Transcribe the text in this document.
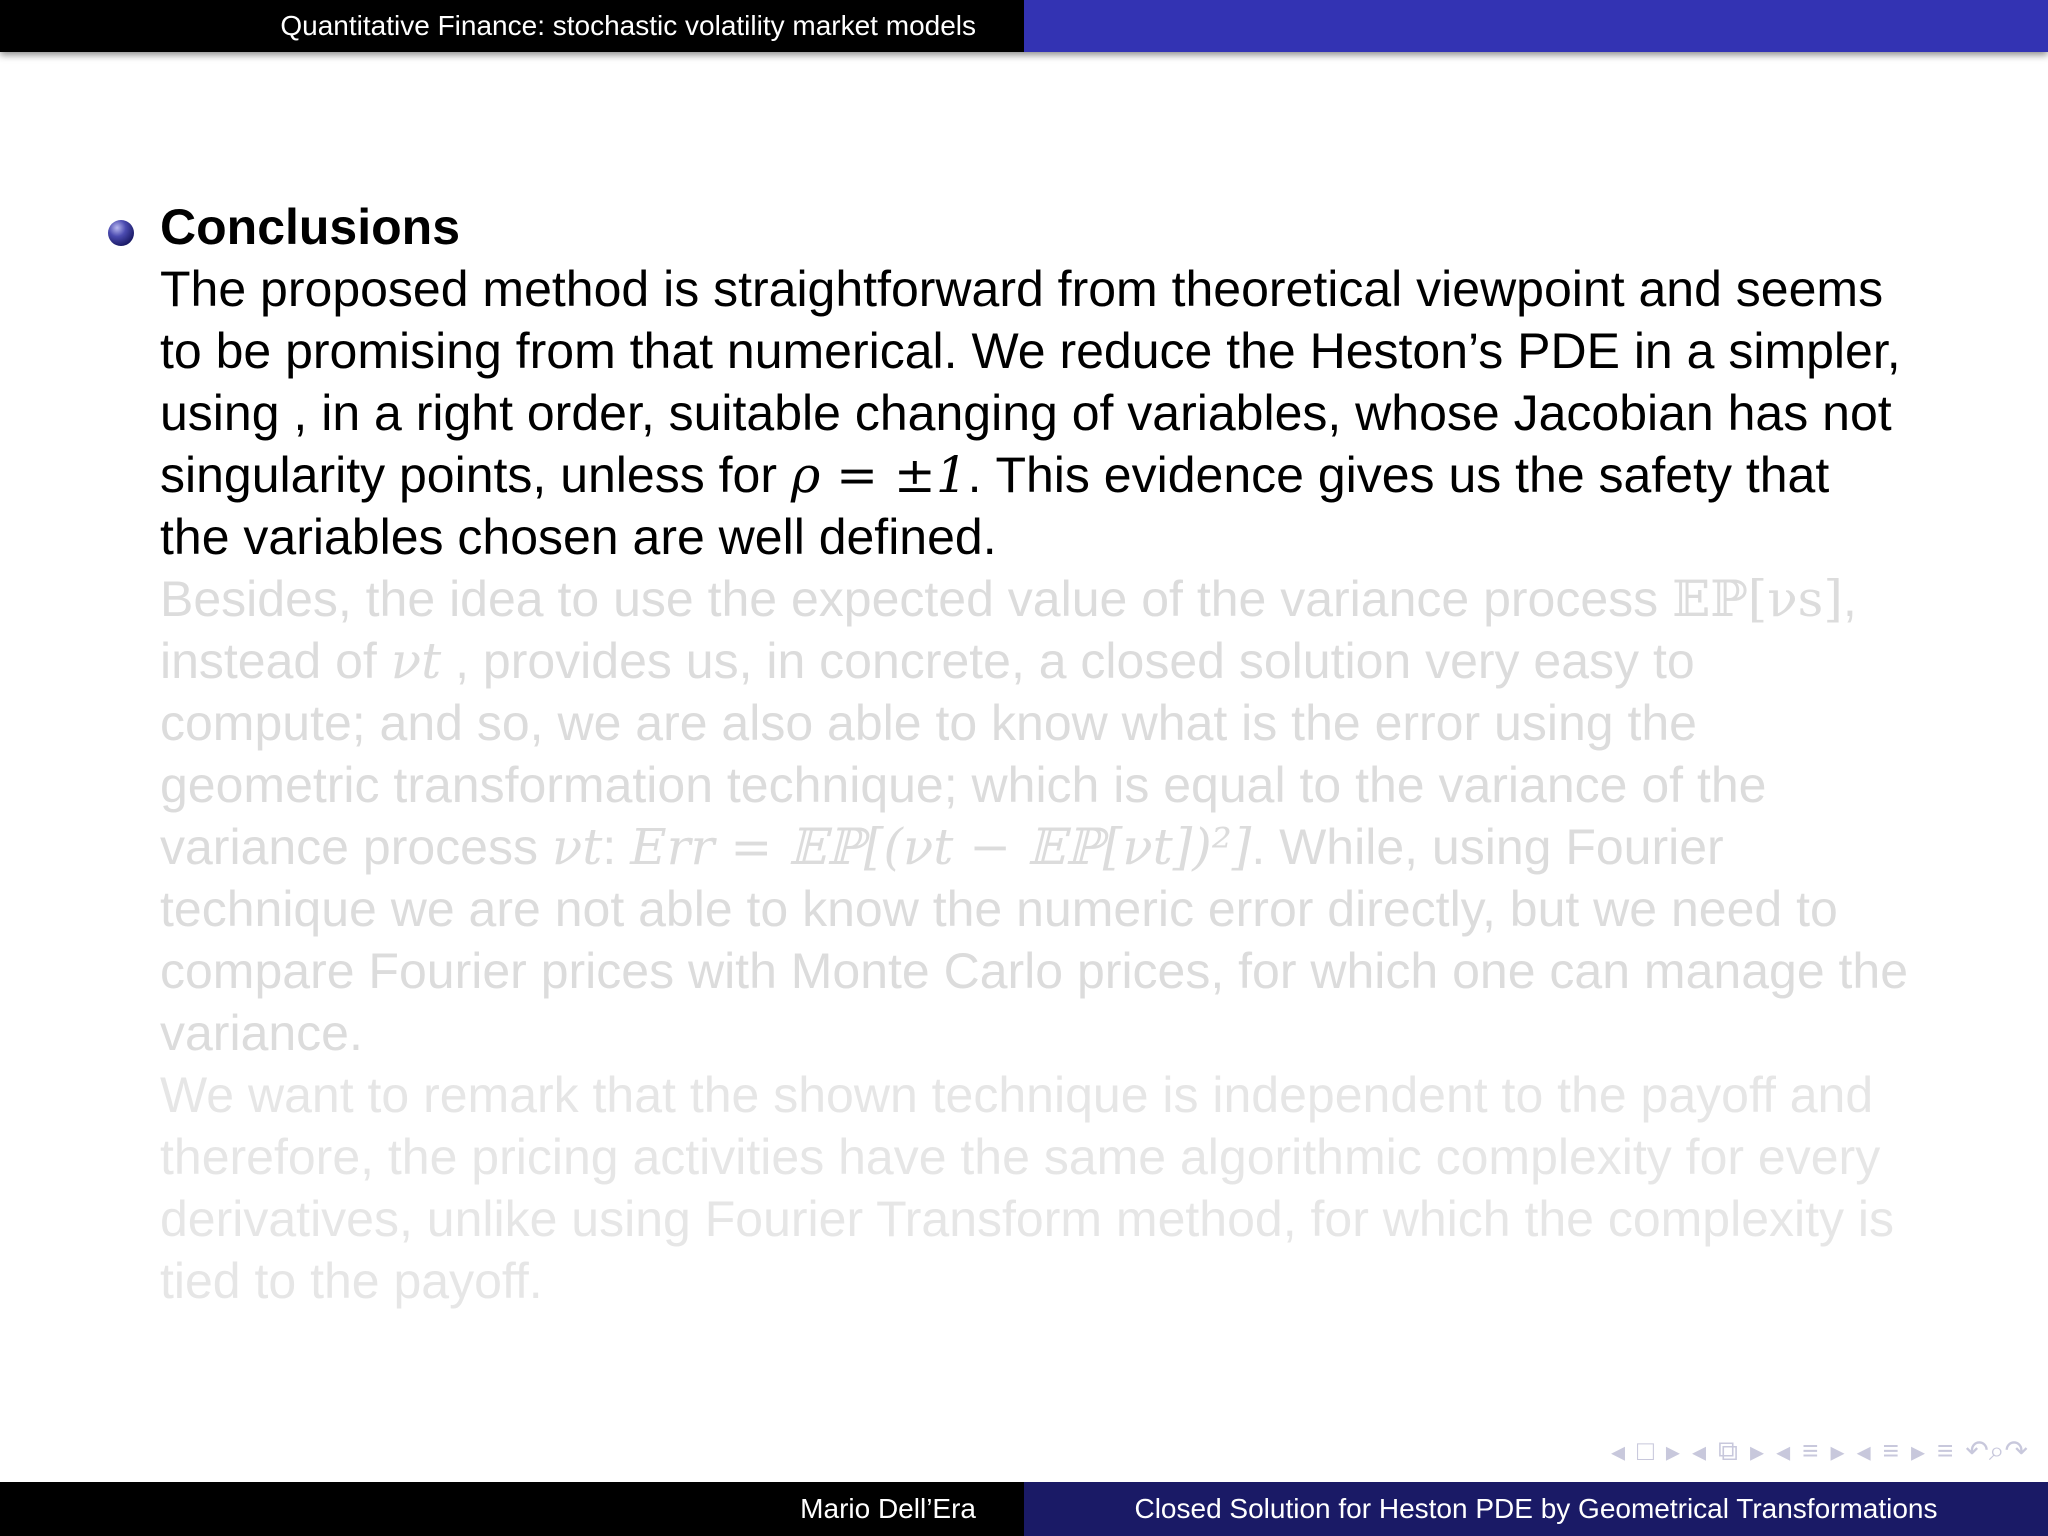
Quantitative Finance: stochastic volatility market models

Conclusions

The proposed method is straightforward from theoretical viewpoint and seems to be promising from that numerical. We reduce the Heston’s PDE in a simpler, using , in a right order, suitable changing of variables, whose Jacobian has not singularity points, unless for ρ = ±1. This evidence gives us the safety that the variables chosen are well defined.

Besides, the idea to use the expected value of the variance process 𝔼ℙ[νs], instead of νt , provides us, in concrete, a closed solution very easy to compute; and so, we are also able to know what is the error using the geometric transformation technique; which is equal to the variance of the variance process νt: Err = 𝔼ℙ[(νt − 𝔼ℙ[νt])²]. While, using Fourier technique we are not able to know the numeric error directly, but we need to compare Fourier prices with Monte Carlo prices, for which one can manage the variance.

We want to remark that the shown technique is independent to the payoff and therefore, the pricing activities have the same algorithmic complexity for every derivatives, unlike using Fourier Transform method, for which the complexity is tied to the payoff.

◂ □ ▸ ◂ ⧉ ▸ ◂ ≡ ▸ ◂ ≡ ▸ ≡ ↶⌕↷
Mario Dell’Era	Closed Solution for Heston PDE by Geometrical Transformations
